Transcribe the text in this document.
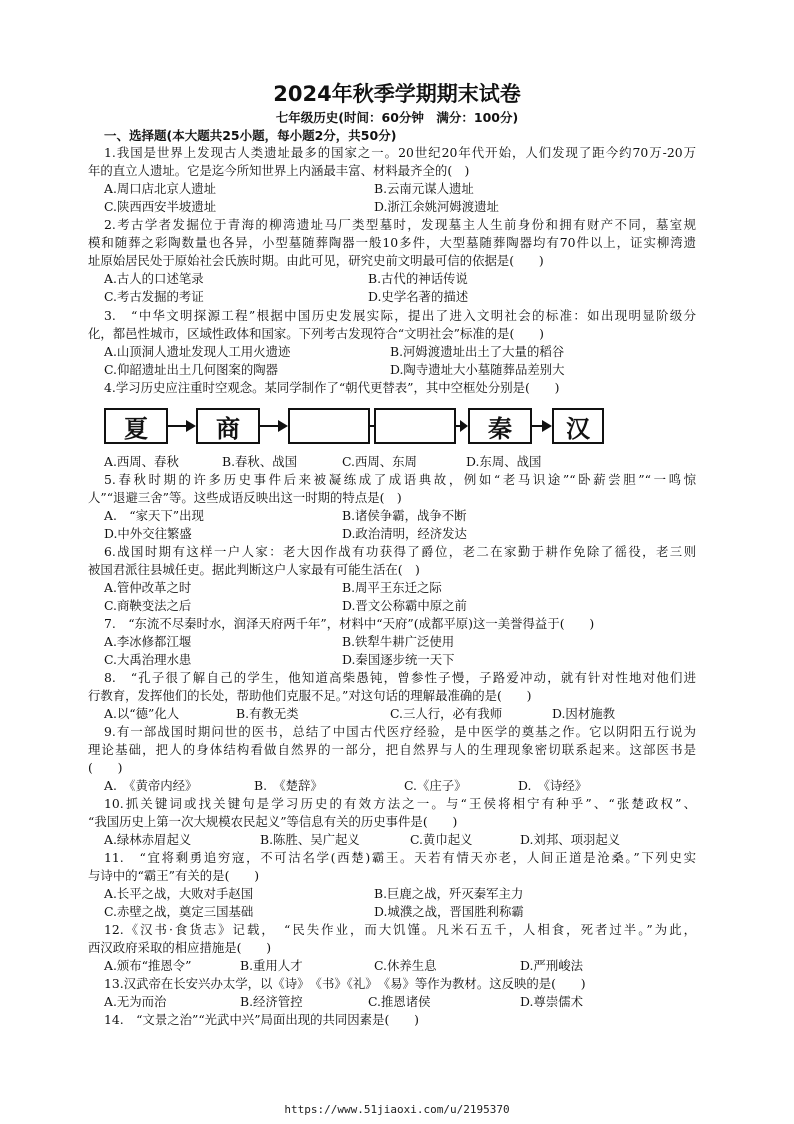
2024年秋季学期期末试卷
七年级历史(时间：60分钟　满分：100分)
一、选择题(本大题共25小题，每小题2分，共50分)
1.我国是世界上发现古人类遗址最多的国家之一。20世纪20年代开始，人们发现了距今约70万-20万
年的直立人遗址。它是迄今所知世界上内涵最丰富、材料最齐全的(　)
A.周口店北京人遗址	B.云南元谋人遗址
C.陕西西安半坡遗址	D.浙江余姚河姆渡遗址
2.考古学者发掘位于青海的柳湾遗址马厂类型墓时，发现墓主人生前身份和拥有财产不同，墓室规
模和随葬之彩陶数量也各异，小型墓随葬陶器一般10多件，大型墓随葬陶器均有70件以上，证实柳湾遗
址原始居民处于原始社会氏族时期。由此可见，研究史前文明最可信的依据是(　　)
A.古人的口述笔录	B.古代的神话传说
C.考古发掘的考证	D.史学名著的描述
3.　“中华文明探源工程”根据中国历史发展实际，提出了进入文明社会的标准：如出现明显阶级分
化，都邑性城市，区域性政体和国家。下列考古发现符合“文明社会”标准的是(　　)
A.山顶洞人遗址发现人工用火遗迹	B.河姆渡遗址出土了大量的稻谷
C.仰韶遗址出土几何图案的陶器	D.陶寺遗址大小墓随葬品差别大
4.学习历史应注重时空观念。某同学制作了“朝代更替表”，其中空框处分别是(　　)
夏	商	秦	汉
A.西周、春秋	B.春秋、战国	C.西周、东周	D.东周、战国
5.春秋时期的许多历史事件后来被凝练成了成语典故，例如“老马识途”“卧薪尝胆”“一鸣惊
人”“退避三舍”等。这些成语反映出这一时期的特点是(　)
A.　“家天下”出现	B.诸侯争霸，战争不断
D.中外交往繁盛	D.政治清明，经济发达
6.战国时期有这样一户人家：老大因作战有功获得了爵位，老二在家勤于耕作免除了徭役，老三则
被国君派往县城任吏。据此判断这户人家最有可能生活在(　)
A.管仲改革之时	B.周平王东迁之际
C.商鞅变法之后	D.晋文公称霸中原之前
7.　“东流不尽秦时水，润泽天府两千年”，材料中“天府”(成都平原)这一美誉得益于(　　)
A.李冰修都江堰	B.铁犁牛耕广泛使用
C.大禹治理水患	D.秦国逐步统一天下
8.　“孔子很了解自己的学生，他知道高柴愚钝，曾参性子慢，子路爱冲动，就有针对性地对他们进
行教育，发挥他们的长处，帮助他们克服不足。”对这句话的理解最准确的是(　　)
A.以“德”化人	B.有教无类	C.三人行，必有我师	D.因材施教
9.有一部战国时期问世的医书，总结了中国古代医疗经验，是中医学的奠基之作。它以阴阳五行说为
理论基础，把人的身体结构看做自然界的一部分，把自然界与人的生理现象密切联系起来。这部医书是
(　　)
A.　《黄帝内经》	B.　《楚辞》	C.《庄子》	D.　《诗经》
10.抓关键词或找关键句是学习历史的有效方法之一。与“王侯将相宁有种乎”、“张楚政权”、
“我国历史上第一次大规模农民起义”等信息有关的历史事件是(　　)
A.绿林赤眉起义	B.陈胜、吴广起义	C.黄巾起义	D.刘邦、项羽起义
11.　“宜将剩勇追穷寇，不可沽名学(西楚)霸王。天若有情天亦老，人间正道是沧桑。”下列史实
与诗中的“霸王”有关的是(　　)
A.长平之战，大败对手赵国	B.巨鹿之战，歼灭秦军主力
C.赤壁之战，奠定三国基础	D.城濮之战，晋国胜利称霸
12.《汉书·食货志》记载，　“民失作业，而大饥馑。凡米石五千，人相食，死者过半。”为此，
西汉政府采取的相应措施是(　　)
A.颁布“推恩令”	B.重用人才	C.休养生息	D.严刑峻法
13.汉武帝在长安兴办太学，以《诗》　《书》《礼》　《易》等作为教材。这反映的是(　　)
A.无为而治	B.经济管控	C.推恩诸侯	D.尊崇儒术
14.　“文景之治”“光武中兴”局面出现的共同因素是(　　)
https://www.51jiaoxi.com/u/2195370
